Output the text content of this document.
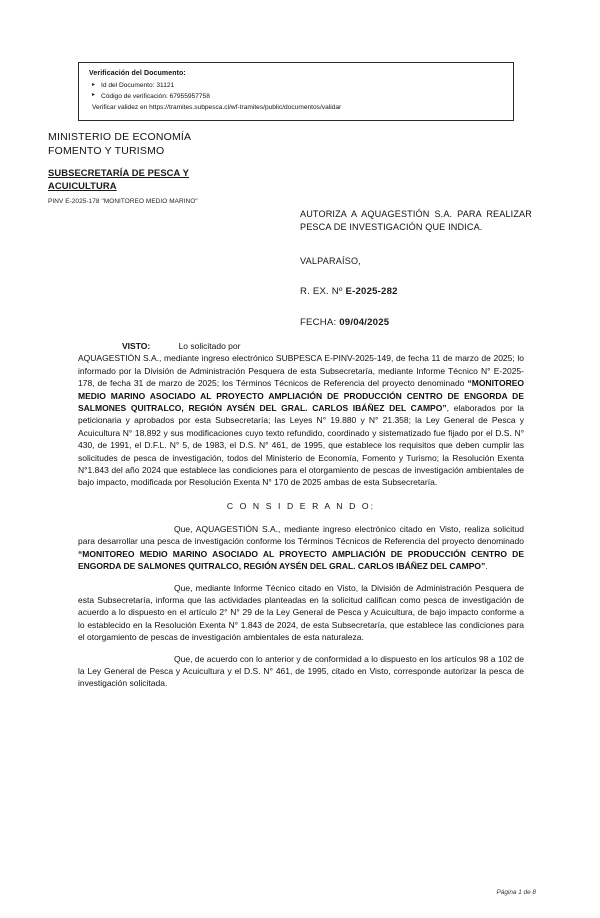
Verificación del Documento:
▸ Id del Documento: 31121
▸ Código de verificación: 67955957758
Verificar validez en https://tramites.subpesca.cl/wf-tramites/public/documentos/validar
MINISTERIO DE ECONOMÍA
FOMENTO Y TURISMO
SUBSECRETARÍA DE PESCA Y
ACUICULTURA
PINV E-2025-178 "MONITOREO MEDIO MARINO"
AUTORIZA A AQUAGESTIÓN S.A. PARA REALIZAR PESCA DE INVESTIGACIÓN QUE INDICA.
VALPARAÍSO,
R. EX. Nº E-2025-282
FECHA: 09/04/2025

VISTO:	Lo solicitado por
AQUAGESTIÓN S.A., mediante ingreso electrónico SUBPESCA E-PINV-2025-149, de fecha 11 de marzo de 2025; lo informado por la División de Administración Pesquera de esta Subsecretaría, mediante Informe Técnico N° E-2025-178, de fecha 31 de marzo de 2025; los Términos Técnicos de Referencia del proyecto denominado “MONITOREO MEDIO MARINO ASOCIADO AL PROYECTO AMPLIACIÓN DE PRODUCCIÓN CENTRO DE ENGORDA DE SALMONES QUITRALCO, REGIÓN AYSÉN DEL GRAL. CARLOS IBÁÑEZ DEL CAMPO”, elaborados por la peticionaria y aprobados por esta Subsecretaría; las Leyes N° 19.880 y N° 21.358; la Ley General de Pesca y Acuicultura N° 18.892 y sus modificaciones cuyo texto refundido, coordinado y sistematizado fue fijado por el D.S. N° 430, de 1991, el D.F.L. N° 5, de 1983, el D.S. N° 461, de 1995, que establece los requisitos que deben cumplir las solicitudes de pesca de investigación, todos del Ministerio de Economía, Fomento y Turismo; la Resolución Exenta N°1.843 del año 2024 que establece las condiciones para el otorgamiento de pescas de investigación ambientales de bajo impacto, modificada por Resolución Exenta N° 170 de 2025 ambas de esta Subsecretaría.

C O N S I D E R A N D O:

Que, AQUAGESTIÓN S.A., mediante ingreso electrónico citado en Visto, realiza solicitud para desarrollar una pesca de investigación conforme los Términos Técnicos de Referencia del proyecto denominado “MONITOREO MEDIO MARINO ASOCIADO AL PROYECTO AMPLIACIÓN DE PRODUCCIÓN CENTRO DE ENGORDA DE SALMONES QUITRALCO, REGIÓN AYSÉN DEL GRAL. CARLOS IBÁÑEZ DEL CAMPO”.

Que, mediante Informe Técnico citado en Visto, la División de Administración Pesquera de esta Subsecretaría, informa que las actividades planteadas en la solicitud califican como pesca de investigación de acuerdo a lo dispuesto en el artículo 2° N° 29 de la Ley General de Pesca y Acuicultura, de bajo impacto conforme a lo establecido en la Resolución Exenta N° 1.843 de 2024, de esta Subsecretaría, que establece las condiciones para el otorgamiento de pescas de investigación ambientales de esta naturaleza.

Que, de acuerdo con lo anterior y de conformidad a lo dispuesto en los artículos 98 a 102 de la Ley General de Pesca y Acuicultura y el D.S. N° 461, de 1995, citado en Visto, corresponde autorizar la pesca de investigación solicitada.

Página 1 de 8
